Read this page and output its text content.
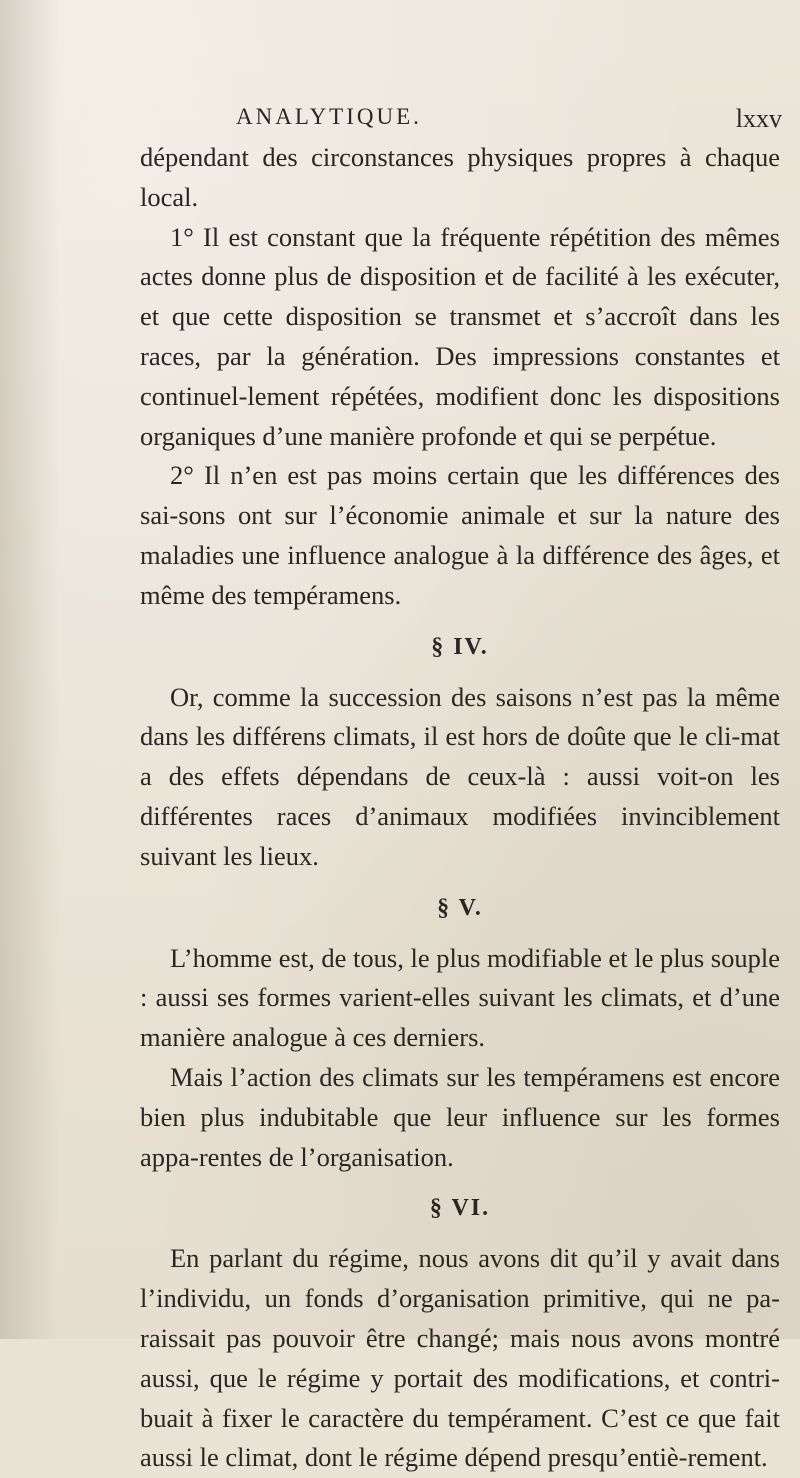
ANALYTIQUE.	lxxv

dépendant des circonstances physiques propres à chaque local.

1° Il est constant que la fréquente répétition des mêmes actes donne plus de disposition et de facilité à les exécuter, et que cette disposition se transmet et s’accroît dans les races, par la génération. Des impressions constantes et continuel-lement répétées, modifient donc les dispositions organiques d’une manière profonde et qui se perpétue.

2° Il n’en est pas moins certain que les différences des sai-sons ont sur l’économie animale et sur la nature des maladies une influence analogue à la différence des âges, et même des tempéramens.

§ IV.

Or, comme la succession des saisons n’est pas la même dans les différens climats, il est hors de doûte que le cli-mat a des effets dépendans de ceux-là : aussi voit-on les différentes races d’animaux modifiées invinciblement suivant les lieux.

§ V.

L’homme est, de tous, le plus modifiable et le plus souple : aussi ses formes varient-elles suivant les climats, et d’une manière analogue à ces derniers.

Mais l’action des climats sur les tempéramens est encore bien plus indubitable que leur influence sur les formes appa-rentes de l’organisation.

§ VI.

En parlant du régime, nous avons dit qu’il y avait dans l’individu, un fonds d’organisation primitive, qui ne pa-raissait pas pouvoir être changé; mais nous avons montré aussi, que le régime y portait des modifications, et contri-buait à fixer le caractère du tempérament. C’est ce que fait aussi le climat, dont le régime dépend presqu’entiè-rement.
